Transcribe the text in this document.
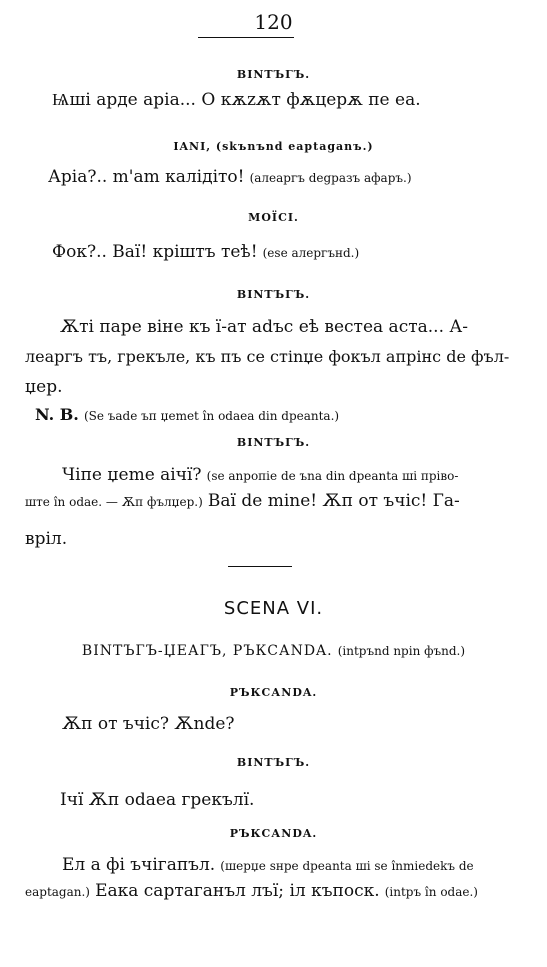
120
BINTЪГЪ.
Ѩші арде аріа... О кѫzѫт фѫцерѫ пе еа.
IANI, (skъnъnd eaptaganъ.)
Аріа?.. m'am калідіто! (алеаргъ degразъ афаръ.)
МОЇСІ.
Фок?.. Ваї! кріштъ теѣ! (ese алергънd.)
BINTЪГЪ.
Ѫті паре віне къ ї-ат adъс еѣ вестеа аста... А-
леаргъ тъ, грекъле, къ пъ се стіnџе фокъл апрінс de фъл-
џер.
N. B. (Se ъаdе ъп џеmet în odaea din dpeanta.)
BINTЪГЪ.
Чіпе џеmе аічї? (se аnропіе de ъnа din dpeanta ші прівo-
ште în odae. — Ѫп фълџер.) Ваї de mine! Ѫп от ъчіс! Га-
вріл.
SCENA VI.
BINTЪГЪ-ЏЕАГЪ, РЪКСАNDA. (intpъnd npin фъnd.)
РЪКСАNDA.
Ѫп от ъчіс? Ѫnde?
BINTЪГЪ.
Ічї Ѫп odaea грекълї.
РЪКСАNDA.
Ел а фі ъчігапъл. (шерџе sнре dpeanta ші se înmiedekъ de
eaptagan.) Еака сартаганъл лъї; іл къпоск. (intpъ în odae.)
